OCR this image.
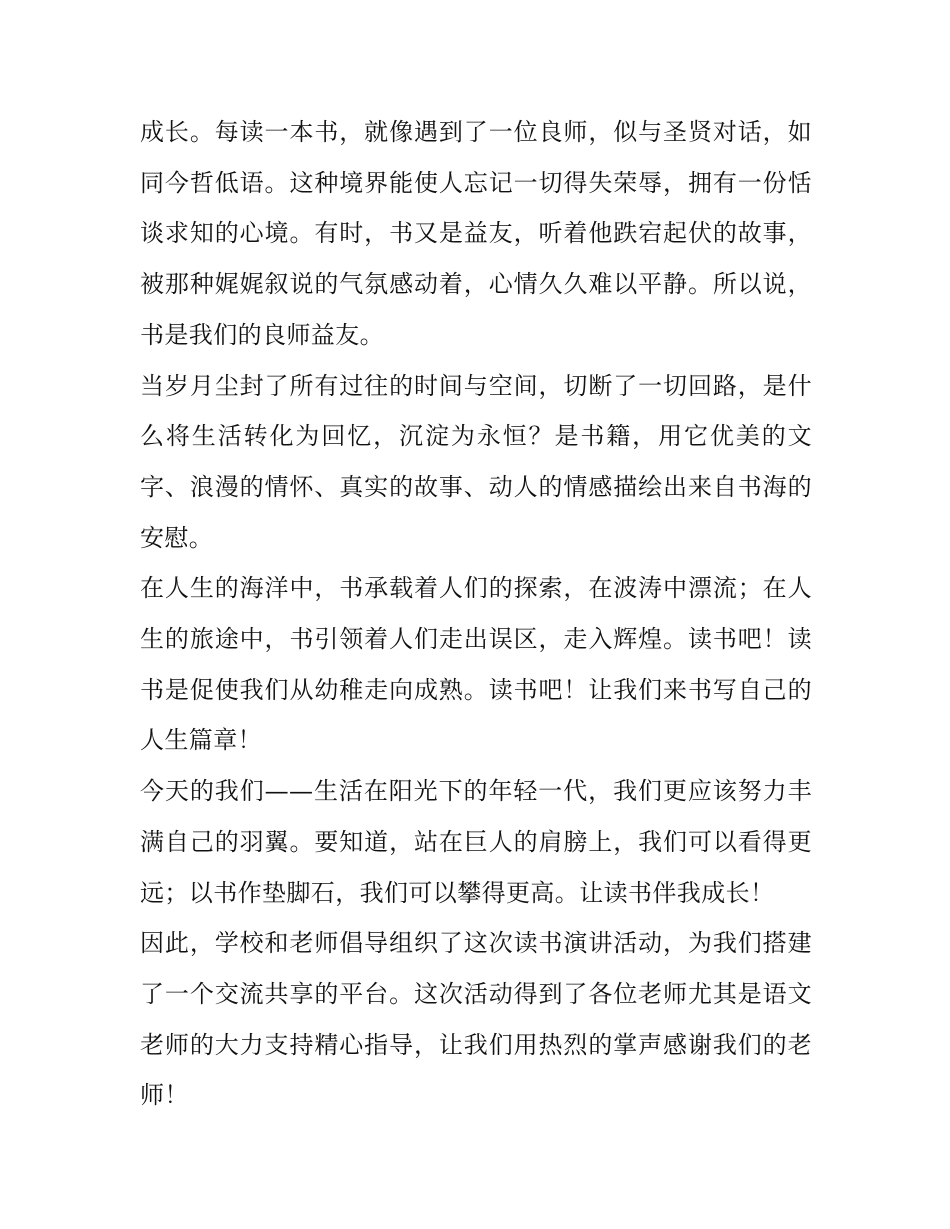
成长。每读一本书，就像遇到了一位良师，似与圣贤对话，如同今哲低语。这种境界能使人忘记一切得失荣辱，拥有一份恬谈求知的心境。有时，书又是益友，听着他跌宕起伏的故事，被那种娓娓叙说的气氛感动着，心情久久难以平静。所以说，书是我们的良师益友。

当岁月尘封了所有过往的时间与空间，切断了一切回路，是什么将生活转化为回忆，沉淀为永恒？是书籍，用它优美的文字、浪漫的情怀、真实的故事、动人的情感描绘出来自书海的安慰。

在人生的海洋中，书承载着人们的探索，在波涛中漂流；在人生的旅途中，书引领着人们走出误区，走入辉煌。读书吧！读书是促使我们从幼稚走向成熟。读书吧！让我们来书写自己的人生篇章！

今天的我们——生活在阳光下的年轻一代，我们更应该努力丰满自己的羽翼。要知道，站在巨人的肩膀上，我们可以看得更远；以书作垫脚石，我们可以攀得更高。让读书伴我成长！

因此，学校和老师倡导组织了这次读书演讲活动，为我们搭建了一个交流共享的平台。这次活动得到了各位老师尤其是语文老师的大力支持精心指导，让我们用热烈的掌声感谢我们的老师！
